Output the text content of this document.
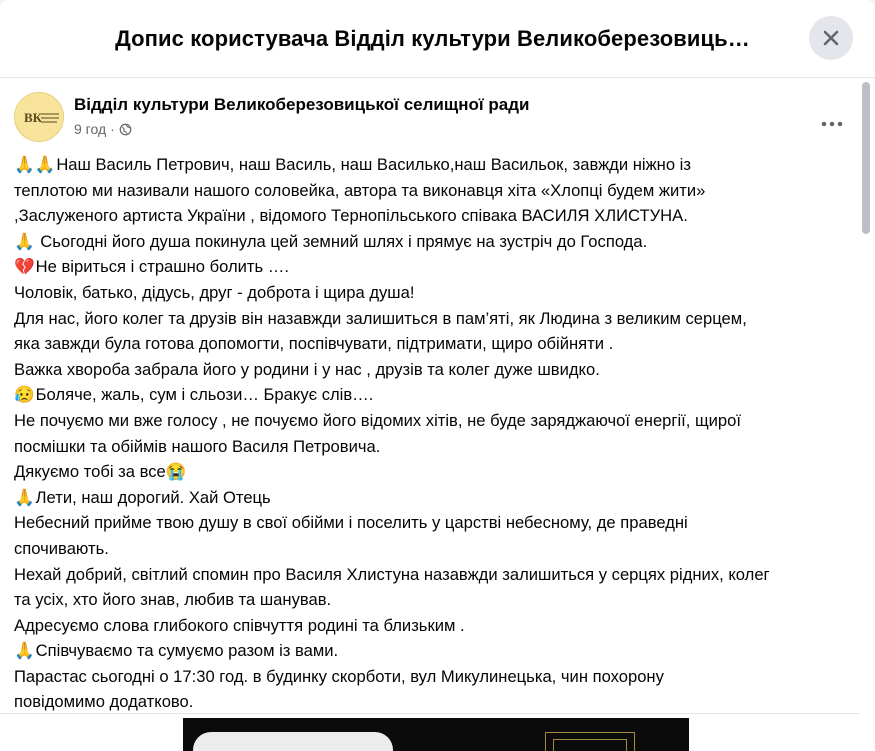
Допис користувача Відділ культури Великоберезовиць…
ВК
Відділ культури Великоберезовицької селищної ради
9 год ·
🙏🙏Наш Василь Петрович, наш Василь, наш Василько,наш Васильок, завжди ніжно із
теплотою ми називали нашого соловейка, автора та виконавця хіта «Хлопці будем жити»
,Заслуженого артиста України , відомого Тернопільського співака ВАСИЛЯ ХЛИСТУНА.
🙏 Сьогодні його душа покинула цей земний шлях і прямує на зустріч до Господа.
💔Не віриться і страшно болить ….
Чоловік, батько, дідусь, друг - доброта і щира душа!
Для нас, його колег та друзів він назавжди залишиться в пам’яті, як Людина з великим серцем,
яка завжди була готова допомогти, поспівчувати, підтримати, щиро обійняти .
Важка хвороба забрала його у родини і у нас , друзів та колег дуже швидко.
😥Боляче, жаль, сум і сльози… Бракує слів….
Не почуємо ми вже голосу , не почуємо його відомих хітів, не буде заряджаючої енергії, щирої
посмішки та обіймів нашого Василя Петровича.
Дякуємо тобі за все😭
🙏Лети, наш дорогий. Хай Отець
Небесний прийме твою душу в свої обійми і поселить у царстві небесному, де праведні
спочивають.
Нехай добрий, світлий спомин про Василя Хлистуна назавжди залишиться у серцях рідних, колег
та усіх, хто його знав, любив та шанував.
Адресуємо слова глибокого співчуття родині та близьким .
🙏Співчуваємо та сумуємо разом із вами.
Парастас сьогодні о 17:30 год. в будинку скорботи, вул Микулинецька, чин похорону
повідомимо додатково.
